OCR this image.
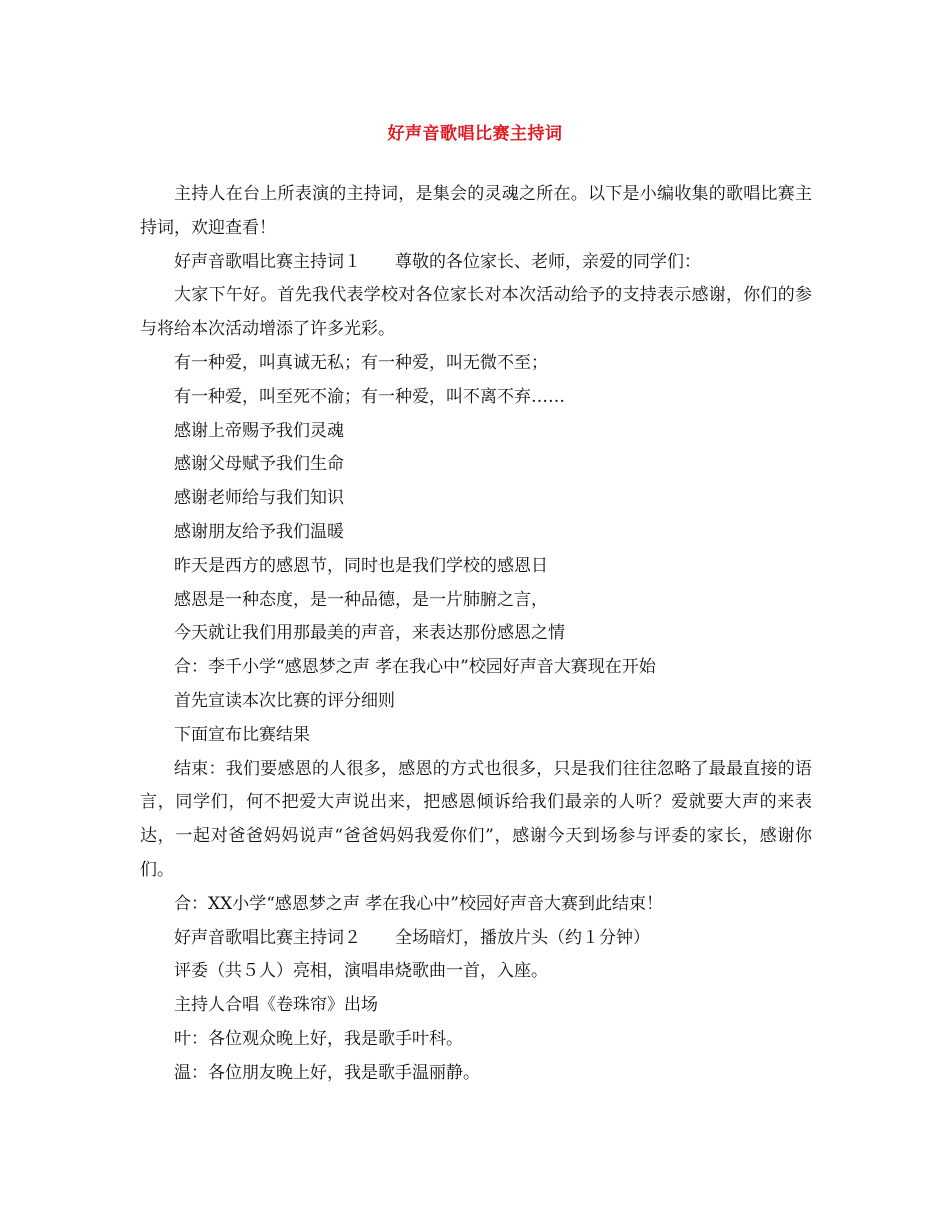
好声音歌唱比赛主持词

主持人在台上所表演的主持词，是集会的灵魂之所在。以下是小编收集的歌唱比赛主持词，欢迎查看！

好声音歌唱比赛主持词１　　尊敬的各位家长、老师，亲爱的同学们：

大家下午好。首先我代表学校对各位家长对本次活动给予的支持表示感谢，你们的参与将给本次活动增添了许多光彩。

有一种爱，叫真诚无私；有一种爱，叫无微不至；

有一种爱，叫至死不渝；有一种爱，叫不离不弃……

感谢上帝赐予我们灵魂

感谢父母赋予我们生命

感谢老师给与我们知识

感谢朋友给予我们温暖

昨天是西方的感恩节，同时也是我们学校的感恩日

感恩是一种态度，是一种品德，是一片肺腑之言，

今天就让我们用那最美的声音，来表达那份感恩之情

合：李千小学“感恩梦之声 孝在我心中”校园好声音大赛现在开始

首先宣读本次比赛的评分细则

下面宣布比赛结果

结束：我们要感恩的人很多，感恩的方式也很多，只是我们往往忽略了最最直接的语言，同学们，何不把爱大声说出来，把感恩倾诉给我们最亲的人听？爱就要大声的来表达，一起对爸爸妈妈说声“爸爸妈妈我爱你们”，感谢今天到场参与评委的家长，感谢你们。

合：XX小学“感恩梦之声 孝在我心中”校园好声音大赛到此结束！

好声音歌唱比赛主持词２　　全场暗灯，播放片头（约１分钟）

评委（共５人）亮相，演唱串烧歌曲一首，入座。

主持人合唱《卷珠帘》出场

叶：各位观众晚上好，我是歌手叶科。

温：各位朋友晚上好，我是歌手温丽静。
